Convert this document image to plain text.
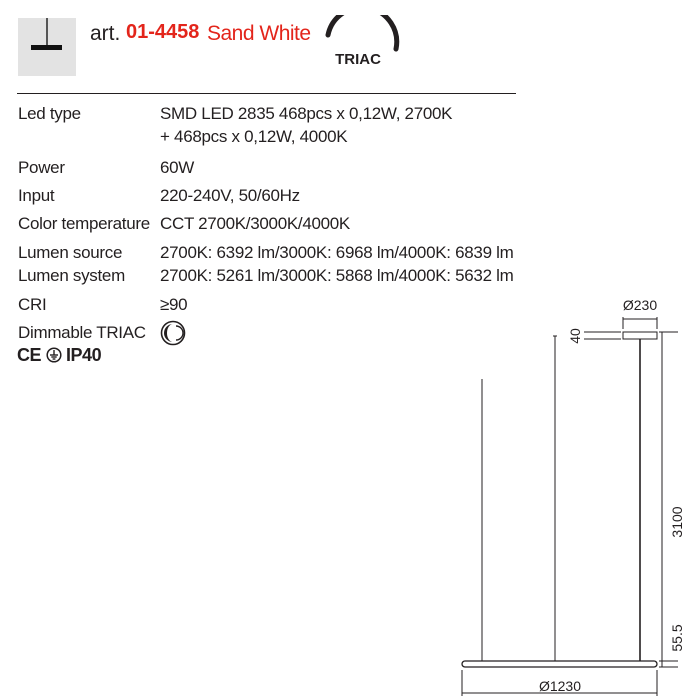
art. 01-4458 Sand White
TRIAC
Led type	SMD LED 2835 468pcs x 0,12W, 2700K
+ 468pcs x 0,12W, 4000K
Power	60W
Input	220-240V, 50/60Hz
Color temperature CCT 2700K/3000K/4000K
Lumen source 2700K: 6392 lm/3000K: 6968 lm/4000K: 6839 lm
Lumen system 2700K: 5261 lm/3000K: 5868 lm/4000K: 5632 lm
CRI	≥90
Dimmable TRIAC
CE IP40
Ø230
40
3100
55.5
Ø1230
